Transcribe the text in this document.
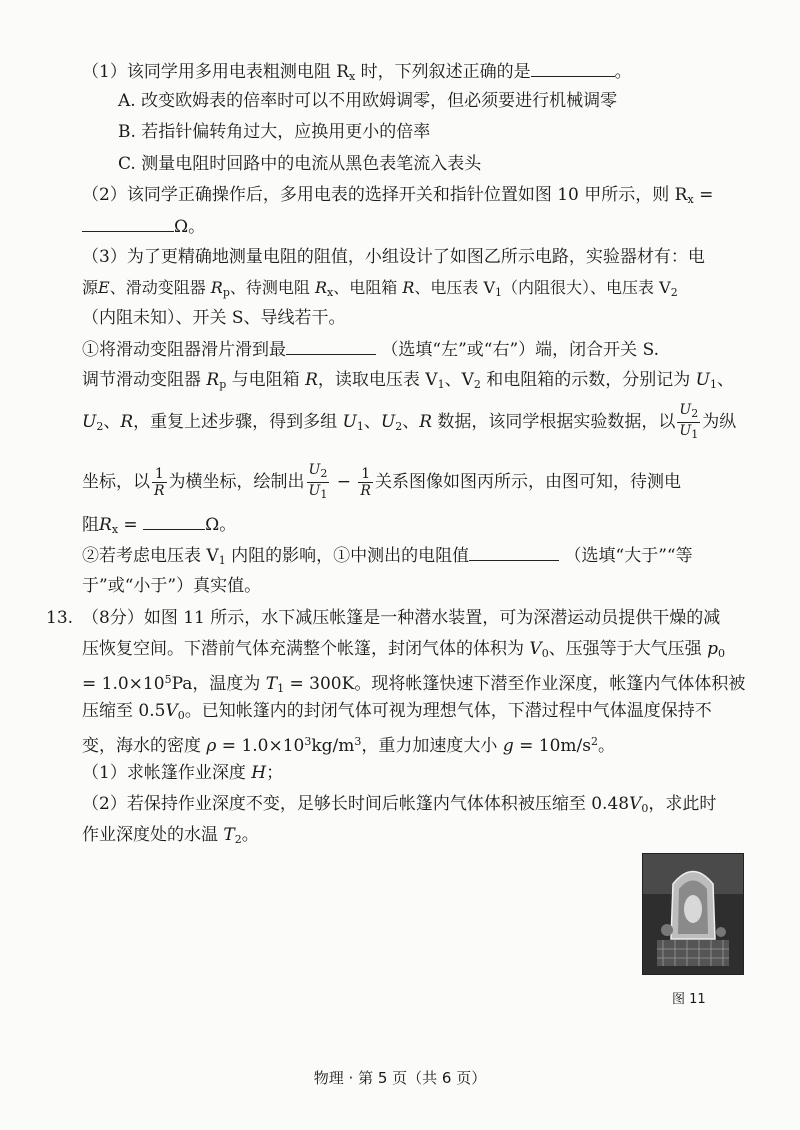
（1）该同学用多用电表粗测电阻 $R_x$ 时，下列叙述正确的是	。
A. 改变欧姆表的倍率时可以不用欧姆调零，但必须要进行机械调零
B. 若指针偏转角过大，应换用更小的倍率
C. 测量电阻时回路中的电流从黑色表笔流入表头
（2）该同学正确操作后，多用电表的选择开关和指针位置如图 10 甲所示，则 $R_x$ =
Ω。
（3）为了更精确地测量电阻的阻值，小组设计了如图乙所示电路，实验器材有：电
源E、滑动变阻器 $R_p$、待测电阻 $R_x$、电阻箱 R、电压表 $V_1$（内阻很大）、电压表 $V_2$
（内阻未知）、开关 S、导线若干。
①将滑动变阻器滑片滑到最	（选填“左”或“右”）端，闭合开关 S.
调节滑动变阻器 $R_p$ 与电阻箱 R，读取电压表 $V_1$、$V_2$ 和电阻箱的示数，分别记为 $U_1$、
$U_2$、R，重复上述步骤，得到多组 $U_1$、$U_2$、R 数据，该同学根据实验数据，以 $\frac{U_2}{U_1}$ 为纵
坐标，以 $\frac{1}{R}$ 为横坐标，绘制出 $\frac{U_2}{U_1} - \frac{1}{R}$ 关系图像如图丙所示，由图可知，待测电
阻$R_x$ =	Ω。
②若考虑电压表 $V_1$ 内阻的影响，①中测出的电阻值	（选填“大于”“等
于”或“小于”）真实值。
13. （8分）如图 11 所示，水下减压帐篷是一种潜水装置，可为深潜运动员提供干燥的减
压恢复空间。下潜前气体充满整个帐篷，封闭气体的体积为 $V_0$、压强等于大气压强 $p_0$
= $1.0\times 10^5Pa$，温度为 $T_1 = 300K$。现将帐篷快速下潜至作业深度，帐篷内气体体积被
压缩至 $0.5V_0$。已知帐篷内的封闭气体可视为理想气体，下潜过程中气体温度保持不
变，海水的密度 $\rho = 1.0\times 10^3kg/m^3$，重力加速度大小 $g = 10m/s^2$。
（1）求帐篷作业深度 H；
（2）若保持作业深度不变，足够长时间后帐篷内气体体积被压缩至 $0.48V_0$，求此时
作业深度处的水温 $T_2$。
图 11
物理 · 第 5 页（共 6 页）
